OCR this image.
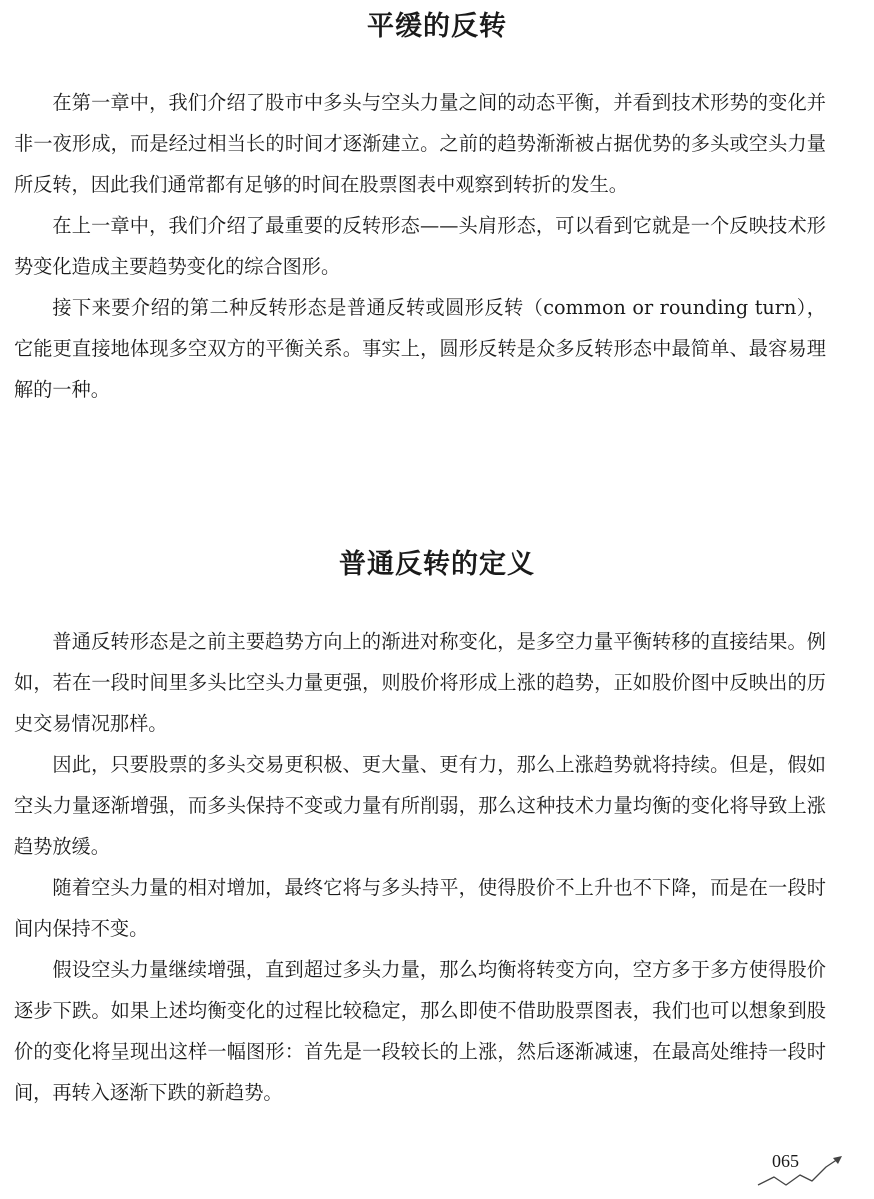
平缓的反转

在第一章中，我们介绍了股市中多头与空头力量之间的动态平衡，并看到技术形势的变化并非一夜形成，而是经过相当长的时间才逐渐建立。之前的趋势渐渐被占据优势的多头或空头力量所反转，因此我们通常都有足够的时间在股票图表中观察到转折的发生。

在上一章中，我们介绍了最重要的反转形态——头肩形态，可以看到它就是一个反映技术形势变化造成主要趋势变化的综合图形。

接下来要介绍的第二种反转形态是普通反转或圆形反转（common or rounding turn），它能更直接地体现多空双方的平衡关系。事实上，圆形反转是众多反转形态中最简单、最容易理解的一种。

普通反转的定义

普通反转形态是之前主要趋势方向上的渐进对称变化，是多空力量平衡转移的直接结果。例如，若在一段时间里多头比空头力量更强，则股价将形成上涨的趋势，正如股价图中反映出的历史交易情况那样。

因此，只要股票的多头交易更积极、更大量、更有力，那么上涨趋势就将持续。但是，假如空头力量逐渐增强，而多头保持不变或力量有所削弱，那么这种技术力量均衡的变化将导致上涨趋势放缓。

随着空头力量的相对增加，最终它将与多头持平，使得股价不上升也不下降，而是在一段时间内保持不变。

假设空头力量继续增强，直到超过多头力量，那么均衡将转变方向，空方多于多方使得股价逐步下跌。如果上述均衡变化的过程比较稳定，那么即使不借助股票图表，我们也可以想象到股价的变化将呈现出这样一幅图形：首先是一段较长的上涨，然后逐渐减速，在最高处维持一段时间，再转入逐渐下跌的新趋势。

065
